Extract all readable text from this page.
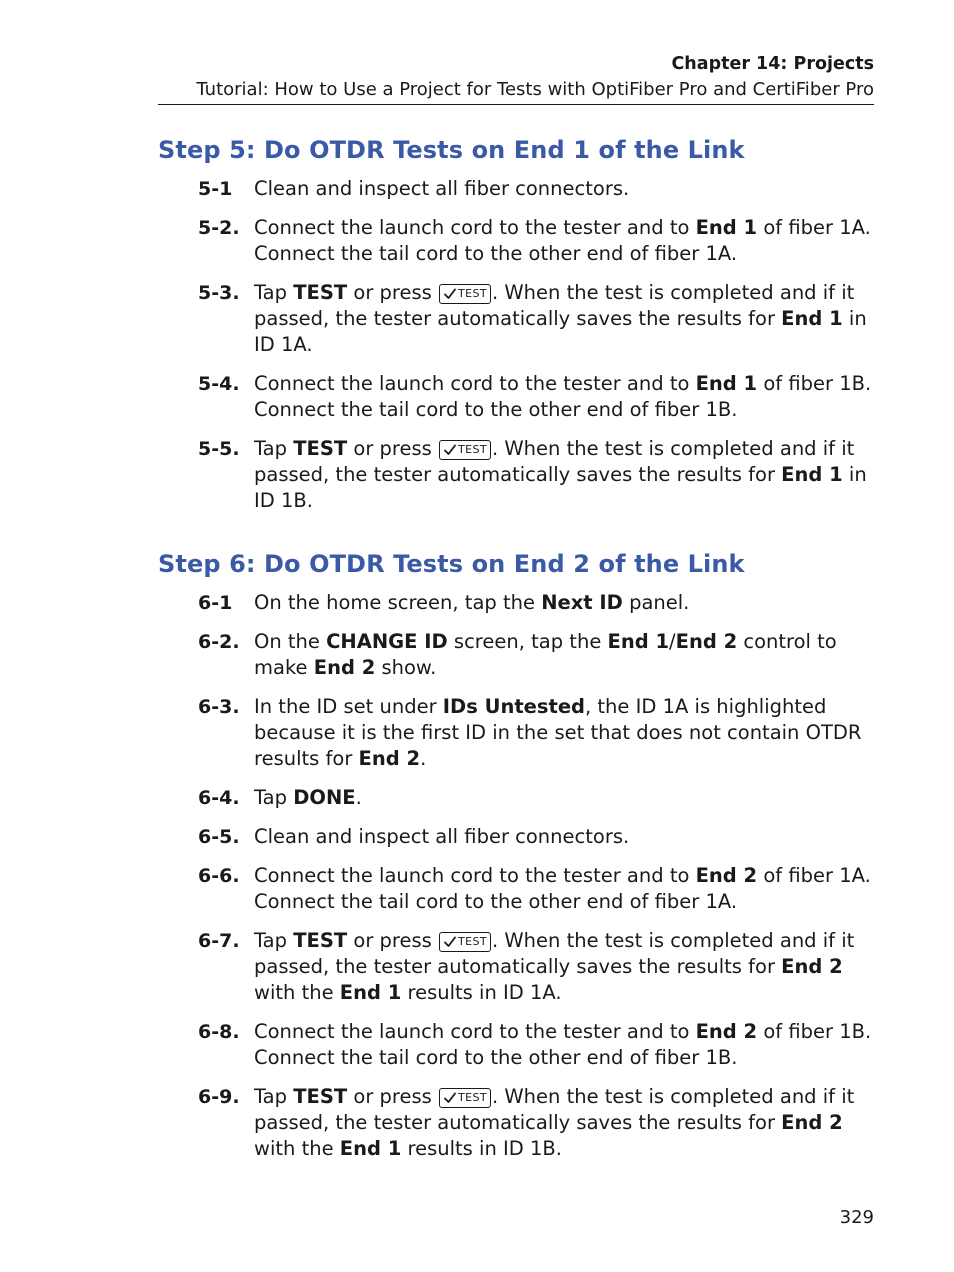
Chapter 14: Projects
Tutorial: How to Use a Project for Tests with OptiFiber Pro and CertiFiber Pro
Step 5: Do OTDR Tests on End 1 of the Link
5-1	Clean and inspect all fiber connectors.
5-2. Connect the launch cord to the tester and to End 1 of fiber 1A. Connect the tail cord to the other end of fiber 1A.
5-3. Tap TEST or press TEST . When the test is completed and if it passed, the tester automatically saves the results for End 1 in ID 1A.
5-4. Connect the launch cord to the tester and to End 1 of fiber 1B. Connect the tail cord to the other end of fiber 1B.
5-5. Tap TEST or press TEST . When the test is completed and if it passed, the tester automatically saves the results for End 1 in ID 1B.
Step 6: Do OTDR Tests on End 2 of the Link
6-1	On the home screen, tap the Next ID panel.
6-2. On the CHANGE ID screen, tap the End 1/End 2 control to make End 2 show.
6-3. In the ID set under IDs Untested, the ID 1A is highlighted because it is the first ID in the set that does not contain OTDR results for End 2.
6-4. Tap DONE.
6-5. Clean and inspect all fiber connectors.
6-6. Connect the launch cord to the tester and to End 2 of fiber 1A. Connect the tail cord to the other end of fiber 1A.
6-7. Tap TEST or press TEST . When the test is completed and if it passed, the tester automatically saves the results for End 2 with the End 1 results in ID 1A.
6-8. Connect the launch cord to the tester and to End 2 of fiber 1B. Connect the tail cord to the other end of fiber 1B.
6-9. Tap TEST or press TEST . When the test is completed and if it passed, the tester automatically saves the results for End 2 with the End 1 results in ID 1B.
329
